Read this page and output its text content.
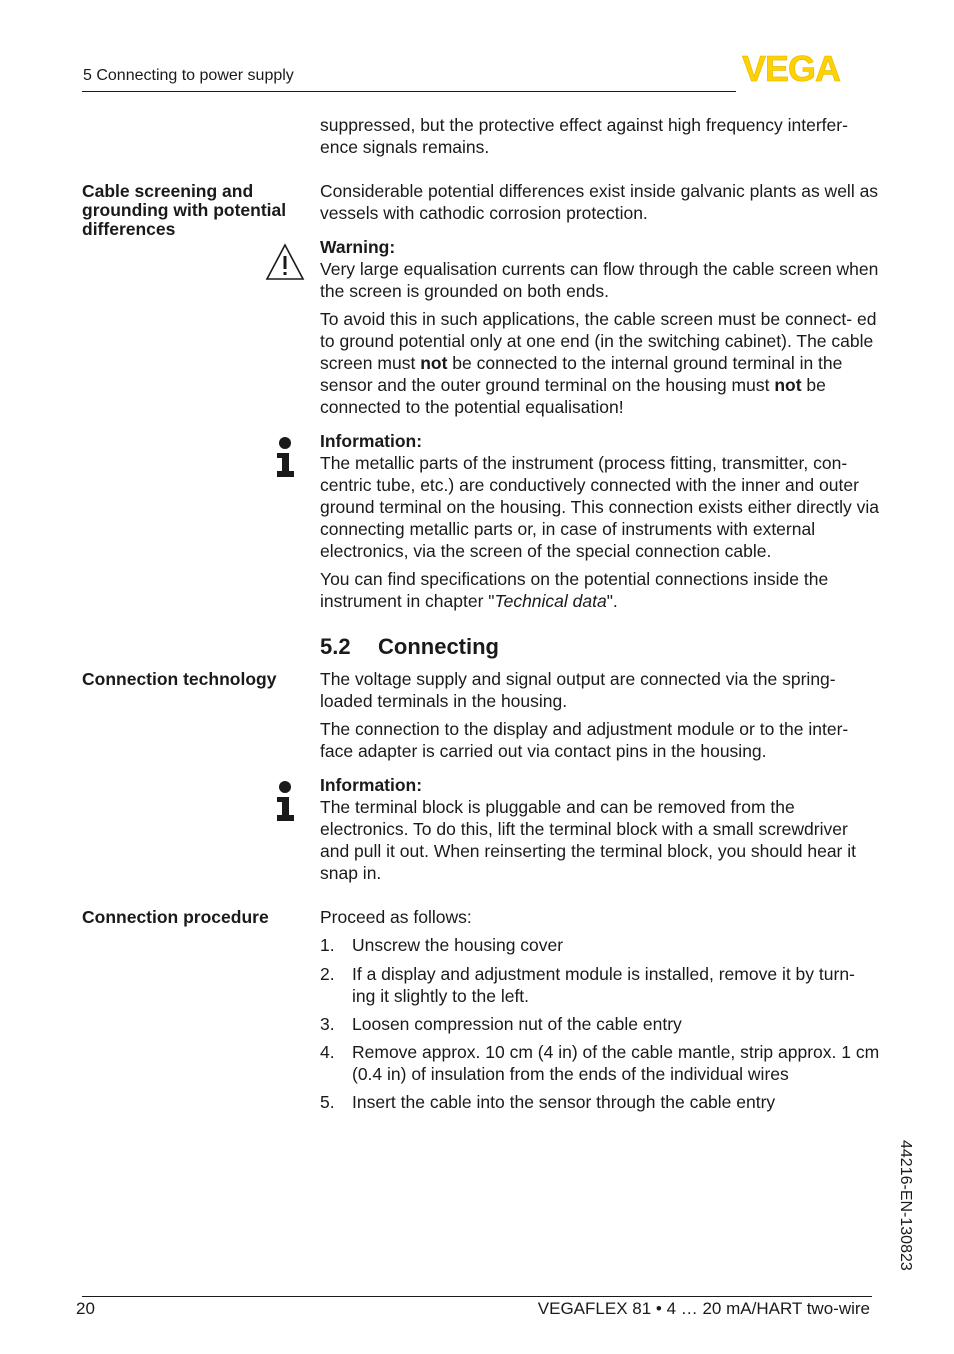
5 Connecting to power supply	VEGA

suppressed, but the protective effect against high frequency interfer- ence signals remains.

Cable screening and grounding with potential differences

Considerable potential differences exist inside galvanic plants as well as vessels with cathodic corrosion protection.

Warning:

Very large equalisation currents can flow through the cable screen when the screen is grounded on both ends.

To avoid this in such applications, the cable screen must be connect- ed to ground potential only at one end (in the switching cabinet). The cable screen must not be connected to the internal ground terminal in the sensor and the outer ground terminal on the housing must not be connected to the potential equalisation!

Information:

The metallic parts of the instrument (process fitting, transmitter, con- centric tube, etc.) are conductively connected with the inner and outer ground terminal on the housing. This connection exists either directly via connecting metallic parts or, in case of instruments with external electronics, via the screen of the special connection cable.

You can find specifications on the potential connections inside the instrument in chapter "Technical data".

5.2 Connecting
Connection technology	The voltage supply and signal output are connected via the spring- loaded terminals in the housing.

The connection to the display and adjustment module or to the inter- face adapter is carried out via contact pins in the housing.

Information:

The terminal block is pluggable and can be removed from the electronics. To do this, lift the terminal block with a small screwdriver and pull it out. When reinserting the terminal block, you should hear it snap in.

Connection procedure	Proceed as follows:

1. Unscrew the housing cover
2. If a display and adjustment module is installed, remove it by turn- ing it slightly to the left.
3. Loosen compression nut of the cable entry
4. Remove approx. 10 cm (4 in) of the cable mantle, strip approx. 1 cm (0.4 in) of insulation from the ends of the individual wires
5. Insert the cable into the sensor through the cable entry
44216-EN-130823
20	VEGAFLEX 81 • 4 … 20 mA/HART two-wire
